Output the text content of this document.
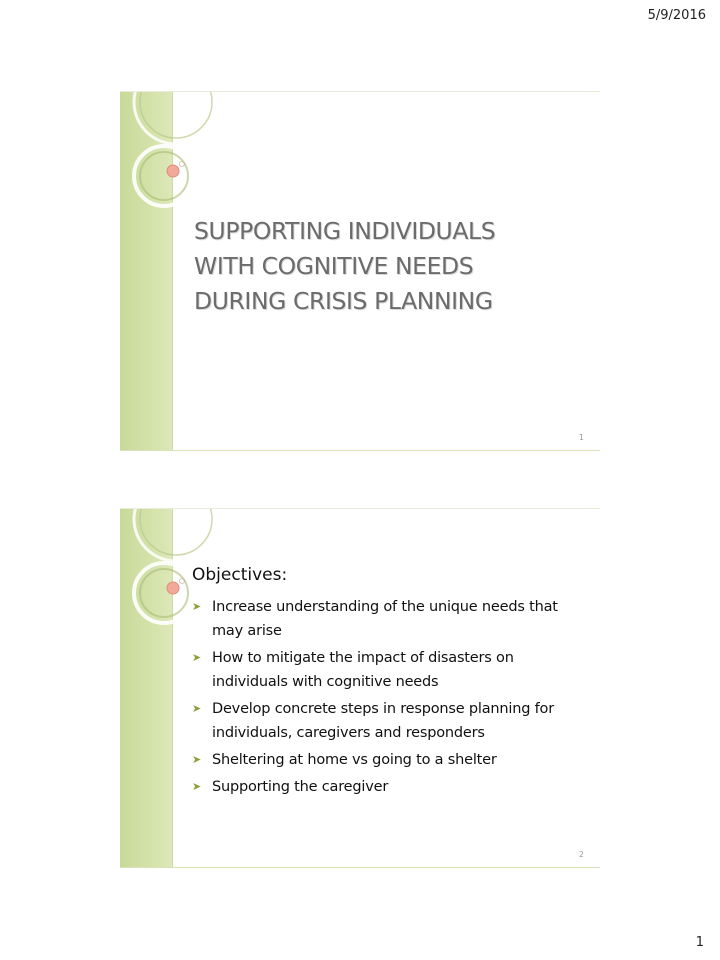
5/9/2016
SUPPORTING INDIVIDUALS
WITH COGNITIVE NEEDS
DURING CRISIS PLANNING
1
Objectives:
➤ Increase understanding of the unique needs that may arise
➤ How to mitigate the impact of disasters on individuals with cognitive needs
➤ Develop concrete steps in response planning for individuals, caregivers and responders
➤ Sheltering at home vs going to a shelter
➤ Supporting the caregiver
2
1
